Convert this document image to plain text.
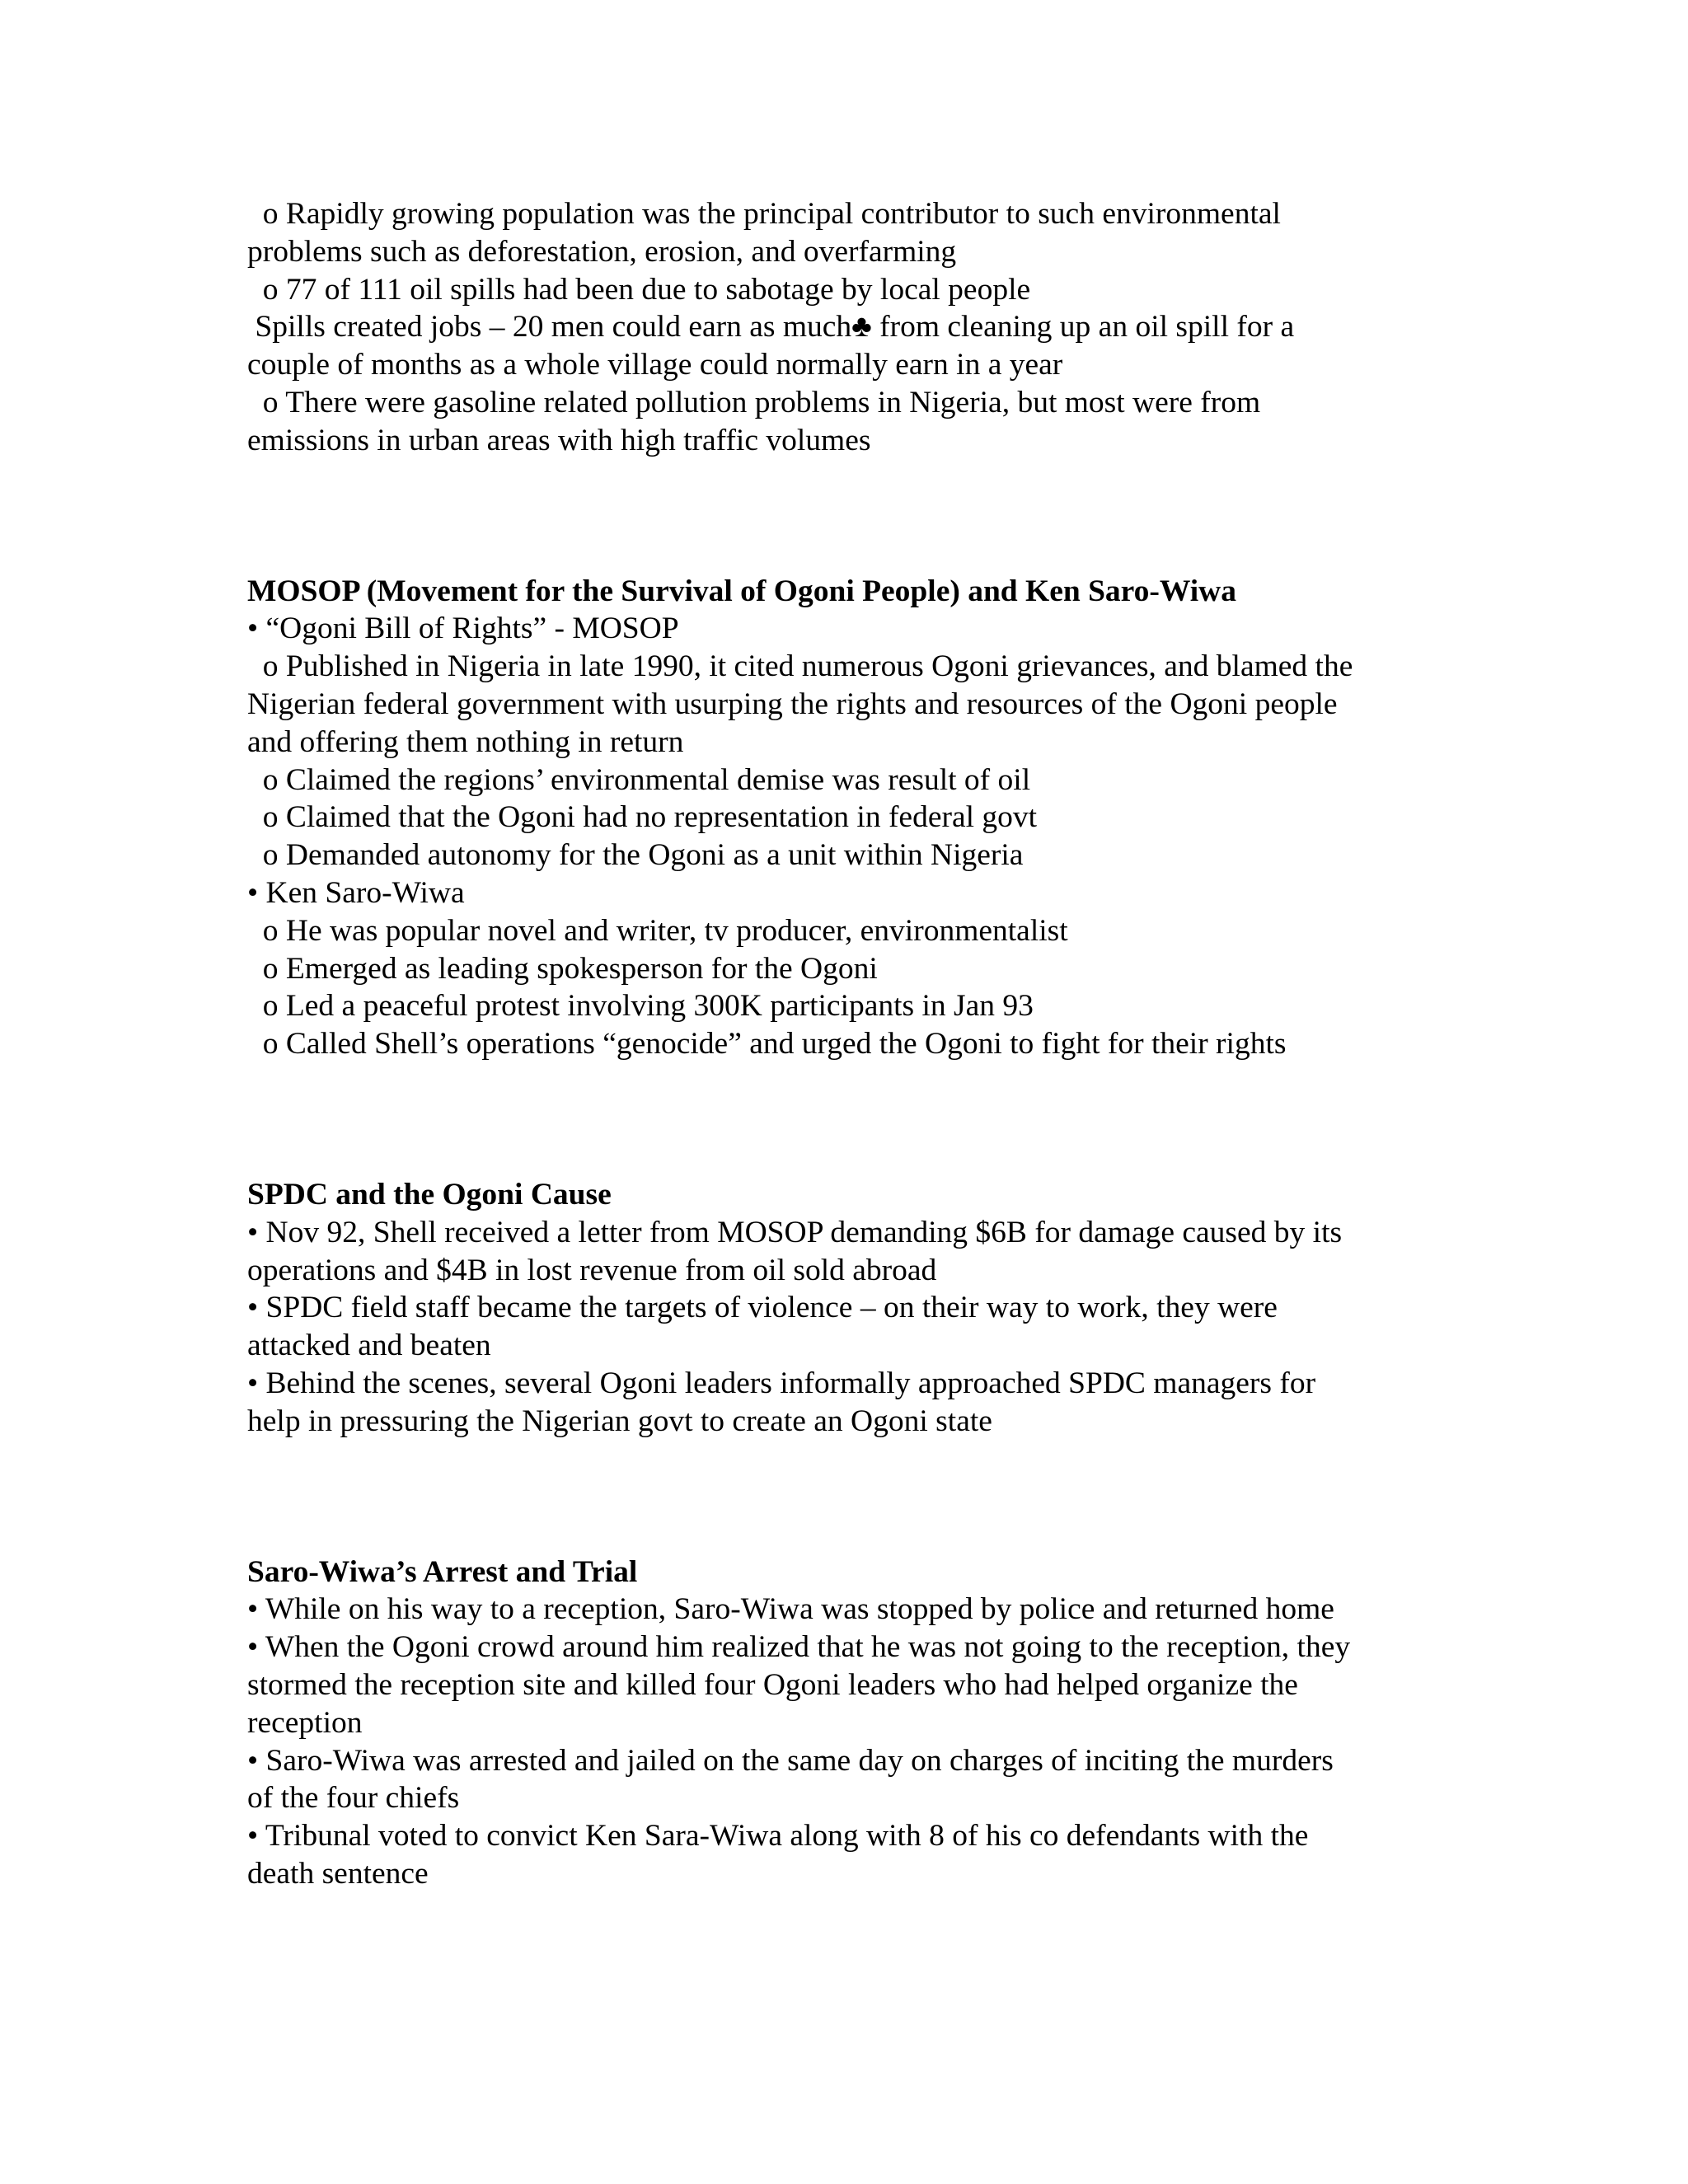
o Rapidly growing population was the principal contributor to such environmental

problems such as deforestation, erosion, and overfarming

o 77 of 111 oil spills had been due to sabotage by local people

Spills created jobs – 20 men could earn as much♣ from cleaning up an oil spill for a

couple of months as a whole village could normally earn in a year

o There were gasoline related pollution problems in Nigeria, but most were from

emissions in urban areas with high traffic volumes

MOSOP (Movement for the Survival of Ogoni People) and Ken Saro-Wiwa

• “Ogoni Bill of Rights” - MOSOP

o Published in Nigeria in late 1990, it cited numerous Ogoni grievances, and blamed the

Nigerian federal government with usurping the rights and resources of the Ogoni people

and offering them nothing in return

o Claimed the regions’ environmental demise was result of oil

o Claimed that the Ogoni had no representation in federal govt

o Demanded autonomy for the Ogoni as a unit within Nigeria

• Ken Saro-Wiwa

o He was popular novel and writer, tv producer, environmentalist

o Emerged as leading spokesperson for the Ogoni

o Led a peaceful protest involving 300K participants in Jan 93

o Called Shell’s operations “genocide” and urged the Ogoni to fight for their rights

SPDC and the Ogoni Cause

• Nov 92, Shell received a letter from MOSOP demanding $6B for damage caused by its

operations and $4B in lost revenue from oil sold abroad

• SPDC field staff became the targets of violence – on their way to work, they were

attacked and beaten

• Behind the scenes, several Ogoni leaders informally approached SPDC managers for

help in pressuring the Nigerian govt to create an Ogoni state

Saro-Wiwa’s Arrest and Trial

• While on his way to a reception, Saro-Wiwa was stopped by police and returned home

• When the Ogoni crowd around him realized that he was not going to the reception, they

stormed the reception site and killed four Ogoni leaders who had helped organize the

reception

• Saro-Wiwa was arrested and jailed on the same day on charges of inciting the murders

of the four chiefs

• Tribunal voted to convict Ken Sara-Wiwa along with 8 of his co defendants with the

death sentence
